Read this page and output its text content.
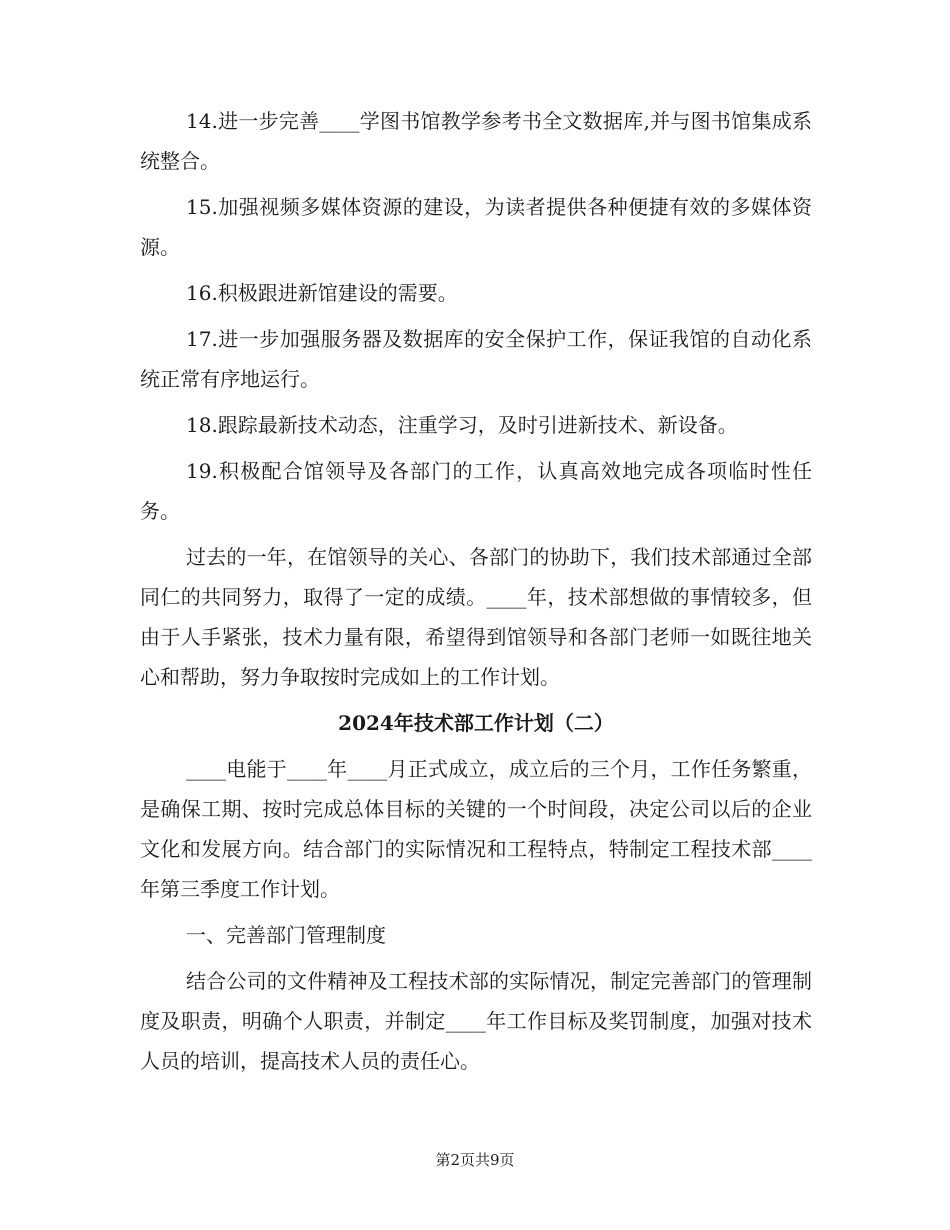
14.进一步完善____学图书馆教学参考书全文数据库,并与图书馆集成系统整合。

15.加强视频多媒体资源的建设，为读者提供各种便捷有效的多媒体资源。

16.积极跟进新馆建设的需要。

17.进一步加强服务器及数据库的安全保护工作，保证我馆的自动化系统正常有序地运行。

18.跟踪最新技术动态，注重学习，及时引进新技术、新设备。

19.积极配合馆领导及各部门的工作，认真高效地完成各项临时性任务。

过去的一年，在馆领导的关心、各部门的协助下，我们技术部通过全部同仁的共同努力，取得了一定的成绩。____年，技术部想做的事情较多，但由于人手紧张，技术力量有限，希望得到馆领导和各部门老师一如既往地关心和帮助，努力争取按时完成如上的工作计划。

2024年技术部工作计划（二）

____电能于____年____月正式成立，成立后的三个月，工作任务繁重，是确保工期、按时完成总体目标的关键的一个时间段，决定公司以后的企业文化和发展方向。结合部门的实际情况和工程特点，特制定工程技术部____年第三季度工作计划。

一、完善部门管理制度

结合公司的文件精神及工程技术部的实际情况，制定完善部门的管理制度及职责，明确个人职责，并制定____年工作目标及奖罚制度，加强对技术人员的培训，提高技术人员的责任心。

第2页共9页
